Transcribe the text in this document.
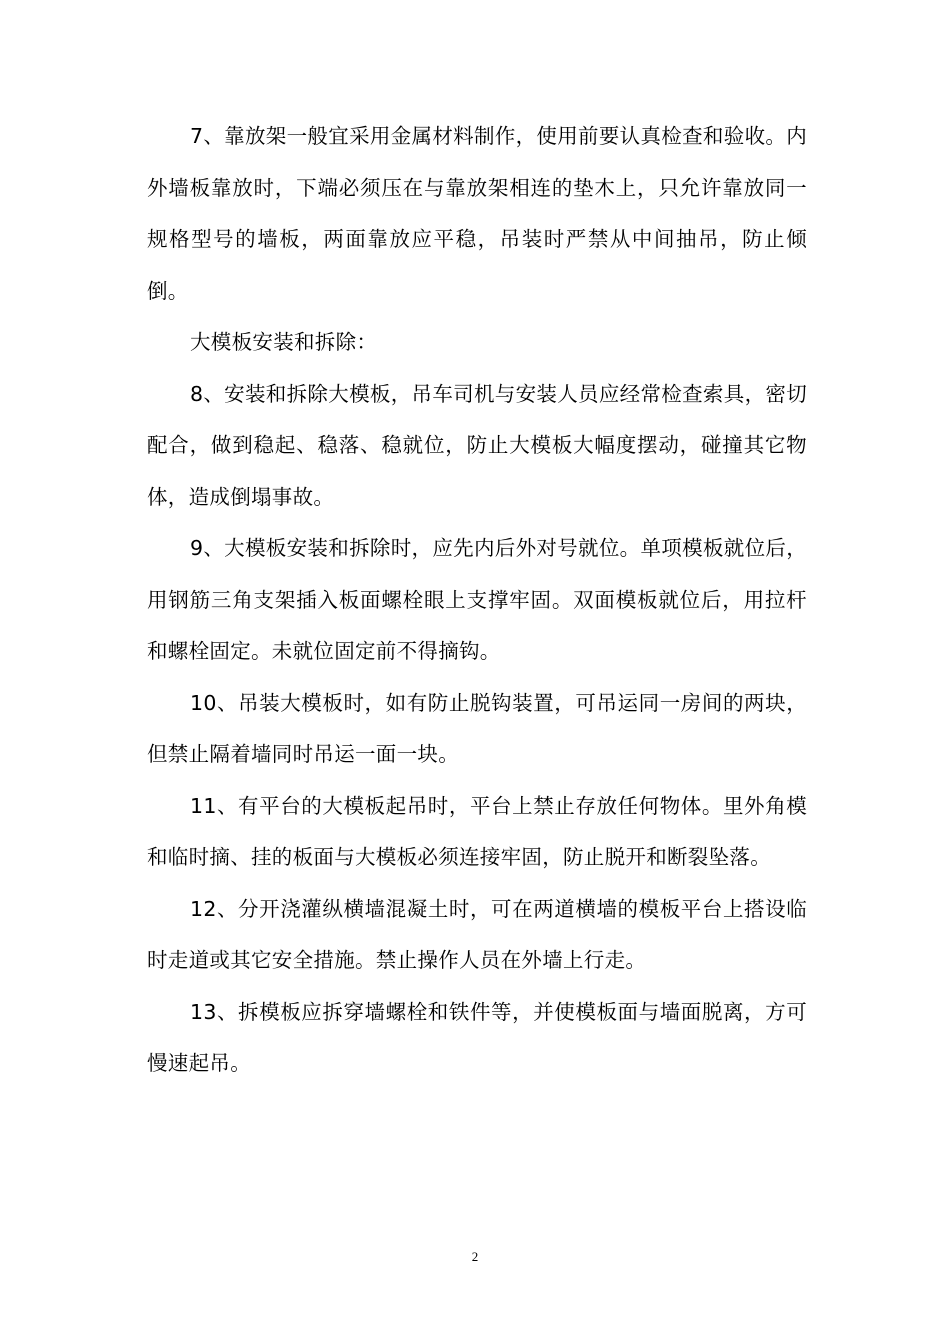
7、靠放架一般宜采用金属材料制作，使用前要认真检查和验收。内外墙板靠放时，下端必须压在与靠放架相连的垫木上，只允许靠放同一规格型号的墙板，两面靠放应平稳，吊装时严禁从中间抽吊，防止倾倒。

大模板安装和拆除：

8、安装和拆除大模板，吊车司机与安装人员应经常检查索具，密切配合，做到稳起、稳落、稳就位，防止大模板大幅度摆动，碰撞其它物体，造成倒塌事故。

9、大模板安装和拆除时，应先内后外对号就位。单项模板就位后，用钢筋三角支架插入板面螺栓眼上支撑牢固。双面模板就位后，用拉杆和螺栓固定。未就位固定前不得摘钩。

10、吊装大模板时，如有防止脱钩装置，可吊运同一房间的两块，但禁止隔着墙同时吊运一面一块。

11、有平台的大模板起吊时，平台上禁止存放任何物体。里外角模和临时摘、挂的板面与大模板必须连接牢固，防止脱开和断裂坠落。

12、分开浇灌纵横墙混凝土时，可在两道横墙的模板平台上搭设临时走道或其它安全措施。禁止操作人员在外墙上行走。

13、拆模板应拆穿墙螺栓和铁件等，并使模板面与墙面脱离，方可慢速起吊。

2
